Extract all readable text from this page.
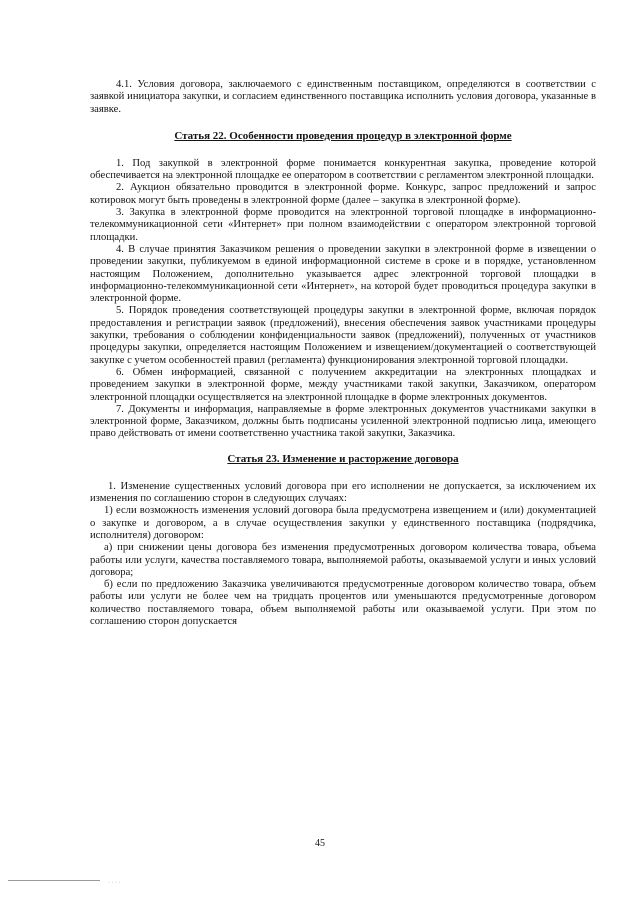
4.1. Условия договора, заключаемого с единственным поставщиком, определяются в соответствии с заявкой инициатора закупки, и согласием единственного поставщика исполнить условия договора, указанные в заявке.

Статья 22. Особенности проведения процедур в электронной форме

1. Под закупкой в электронной форме понимается конкурентная закупка, проведение которой обеспечивается на электронной площадке ее оператором в соответствии с регламентом электронной площадки.

2. Аукцион обязательно проводится в электронной форме. Конкурс, запрос предложений и запрос котировок могут быть проведены в электронной форме (далее – закупка в электронной форме).

3. Закупка в электронной форме проводится на электронной торговой площадке в информационно-телекоммуникационной сети «Интернет» при полном взаимодействии с оператором электронной торговой площадки.

4. В случае принятия Заказчиком решения о проведении закупки в электронной форме в извещении о проведении закупки, публикуемом в единой информационной системе в сроке и в порядке, установленном настоящим Положением, дополнительно указывается адрес электронной торговой площадки в информационно-телекоммуникационной сети «Интернет», на которой будет проводиться процедура закупки в электронной форме.

5. Порядок проведения соответствующей процедуры закупки в электронной форме, включая порядок предоставления и регистрации заявок (предложений), внесения обеспечения заявок участниками процедуры закупки, требования о соблюдении конфиденциальности заявок (предложений), полученных от участников процедуры закупки, определяется настоящим Положением и извещением/документацией о соответствующей закупке с учетом особенностей правил (регламента) функционирования электронной торговой площадки.

6. Обмен информацией, связанной с получением аккредитации на электронных площадках и проведением закупки в электронной форме, между участниками такой закупки, Заказчиком, оператором электронной площадки осуществляется на электронной площадке в форме электронных документов.

7. Документы и информация, направляемые в форме электронных документов участниками закупки в электронной форме, Заказчиком, должны быть подписаны усиленной электронной подписью лица, имеющего право действовать от имени соответственно участника такой закупки, Заказчика.

Статья 23. Изменение и расторжение договора

1. Изменение существенных условий договора при его исполнении не допускается, за исключением их изменения по соглашению сторон в следующих случаях:

1) если возможность изменения условий договора была предусмотрена извещением и (или) документацией о закупке и договором, а в случае осуществления закупки у единственного поставщика (подрядчика, исполнителя) договором:

а) при снижении цены договора без изменения предусмотренных договором количества товара, объема работы или услуги, качества поставляемого товара, выполняемой работы, оказываемой услуги и иных условий договора;

б) если по предложению Заказчика увеличиваются предусмотренные договором количество товара, объем работы или услуги не более чем на тридцать процентов или уменьшаются предусмотренные договором количество поставляемого товара, объем выполняемой работы или оказываемой услуги. При этом по соглашению сторон допускается

45
· · · ·
